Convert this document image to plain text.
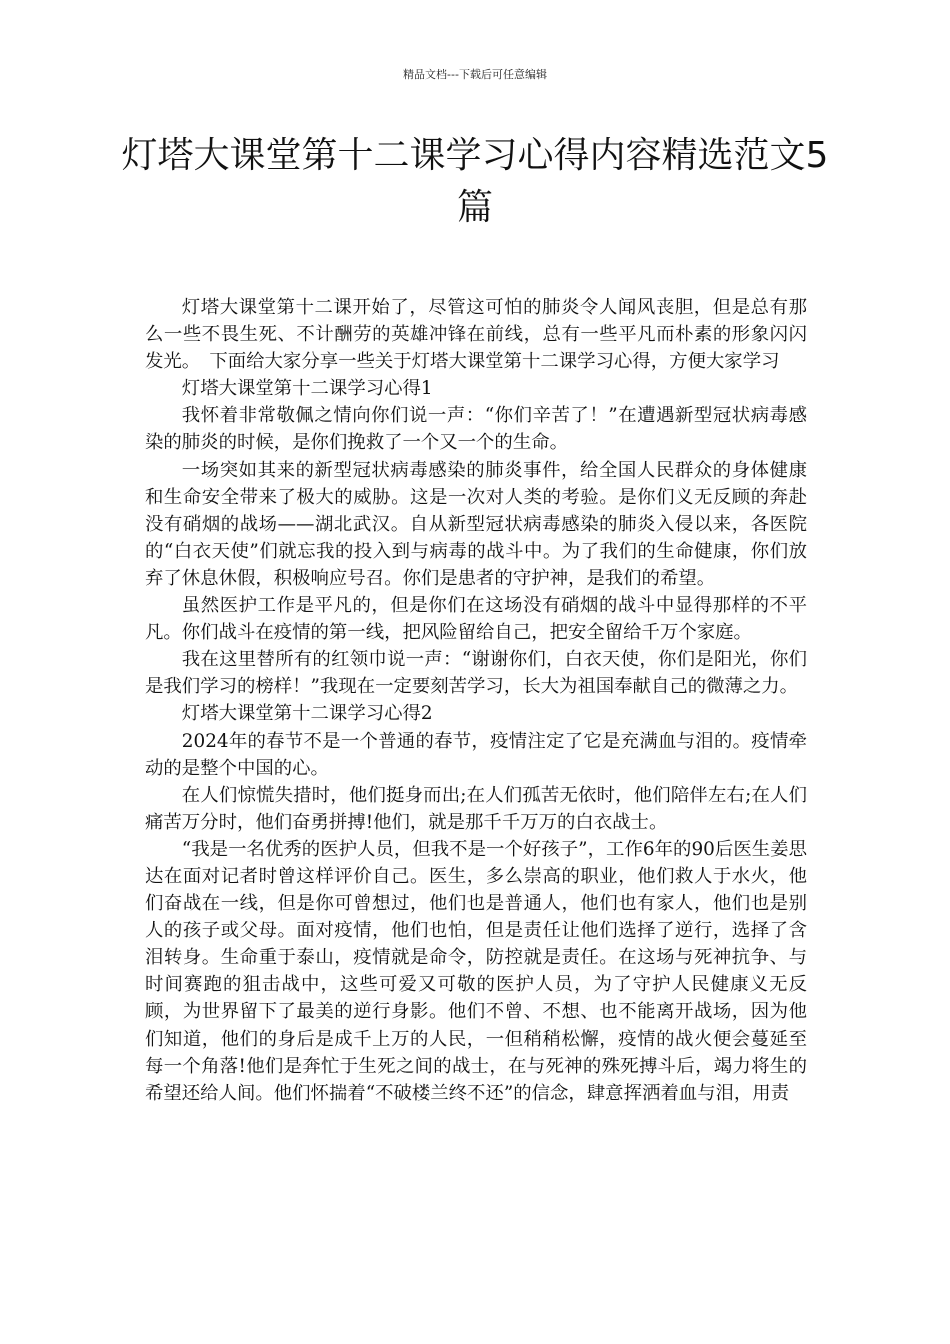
精品文档---下载后可任意编辑
灯塔大课堂第十二课学习心得内容精选范文5篇

灯塔大课堂第十二课开始了，尽管这可怕的肺炎令人闻风丧胆，但是总有那么一些不畏生死、不计酬劳的英雄冲锋在前线，总有一些平凡而朴素的形象闪闪发光。　下面给大家分享一些关于灯塔大课堂第十二课学习心得，方便大家学习

灯塔大课堂第十二课学习心得1

我怀着非常敬佩之情向你们说一声：“你们辛苦了！”在遭遇新型冠状病毒感染的肺炎的时候，是你们挽救了一个又一个的生命。

一场突如其来的新型冠状病毒感染的肺炎事件，给全国人民群众的身体健康和生命安全带来了极大的威胁。这是一次对人类的考验。是你们义无反顾的奔赴没有硝烟的战场——湖北武汉。自从新型冠状病毒感染的肺炎入侵以来，各医院的“白衣天使”们就忘我的投入到与病毒的战斗中。为了我们的生命健康，你们放弃了休息休假，积极响应号召。你们是患者的守护神，是我们的希望。

虽然医护工作是平凡的，但是你们在这场没有硝烟的战斗中显得那样的不平凡。你们战斗在疫情的第一线，把风险留给自己，把安全留给千万个家庭。

我在这里替所有的红领巾说一声：“谢谢你们，白衣天使，你们是阳光，你们是我们学习的榜样！”我现在一定要刻苦学习，长大为祖国奉献自己的微薄之力。

灯塔大课堂第十二课学习心得2

2024年的春节不是一个普通的春节，疫情注定了它是充满血与泪的。疫情牵动的是整个中国的心。

在人们惊慌失措时，他们挺身而出;在人们孤苦无依时，他们陪伴左右;在人们痛苦万分时，他们奋勇拼搏!他们，就是那千千万万的白衣战士。

“我是一名优秀的医护人员，但我不是一个好孩子”，工作6年的90后医生姜思达在面对记者时曾这样评价自己。医生，多么崇高的职业，他们救人于水火，他们奋战在一线，但是你可曾想过，他们也是普通人，他们也有家人，他们也是别人的孩子或父母。面对疫情，他们也怕，但是责任让他们选择了逆行，选择了含泪转身。生命重于泰山，疫情就是命令，防控就是责任。在这场与死神抗争、与时间赛跑的狙击战中，这些可爱又可敬的医护人员，为了守护人民健康义无反顾，为世界留下了最美的逆行身影。他们不曾、不想、也不能离开战场，因为他们知道，他们的身后是成千上万的人民，一但稍稍松懈，疫情的战火便会蔓延至每一个角落!他们是奔忙于生死之间的战士，在与死神的殊死搏斗后，竭力将生的希望还给人间。他们怀揣着“不破楼兰终不还”的信念，肆意挥洒着血与泪，用责
